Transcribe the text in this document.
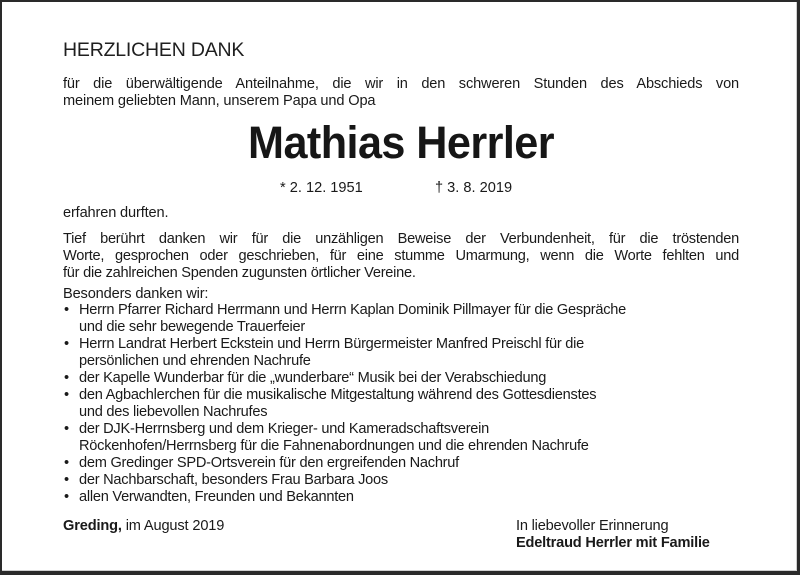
HERZLICHEN DANK
für die überwältigende Anteilnahme, die wir in den schweren Stunden des Abschieds von
meinem geliebten Mann, unserem Papa und Opa
Mathias Herrler
* 2. 12. 1951	† 3. 8. 2019
erfahren durften.
Tief berührt danken wir für die unzähligen Beweise der Verbundenheit, für die tröstenden
Worte, gesprochen oder geschrieben, für eine stumme Umarmung, wenn die Worte fehlten und
für die zahlreichen Spenden zugunsten örtlicher Vereine.
Besonders danken wir:
• Herrn Pfarrer Richard Herrmann und Herrn Kaplan Dominik Pillmayer für die Gespräche
und die sehr bewegende Trauerfeier
• Herrn Landrat Herbert Eckstein und Herrn Bürgermeister Manfred Preischl für die
persönlichen und ehrenden Nachrufe
• der Kapelle Wunderbar für die „wunderbare“ Musik bei der Verabschiedung
• den Agbachlerchen für die musikalische Mitgestaltung während des Gottesdienstes
und des liebevollen Nachrufes
• der DJK-Herrnsberg und dem Krieger- und Kameradschaftsverein
Röckenhofen/Herrnsberg für die Fahnenabordnungen und die ehrenden Nachrufe
• dem Gredinger SPD-Ortsverein für den ergreifenden Nachruf
• der Nachbarschaft, besonders Frau Barbara Joos
• allen Verwandten, Freunden und Bekannten
Greding, im August 2019	In liebevoller Erinnerung
Edeltraud Herrler mit Familie
